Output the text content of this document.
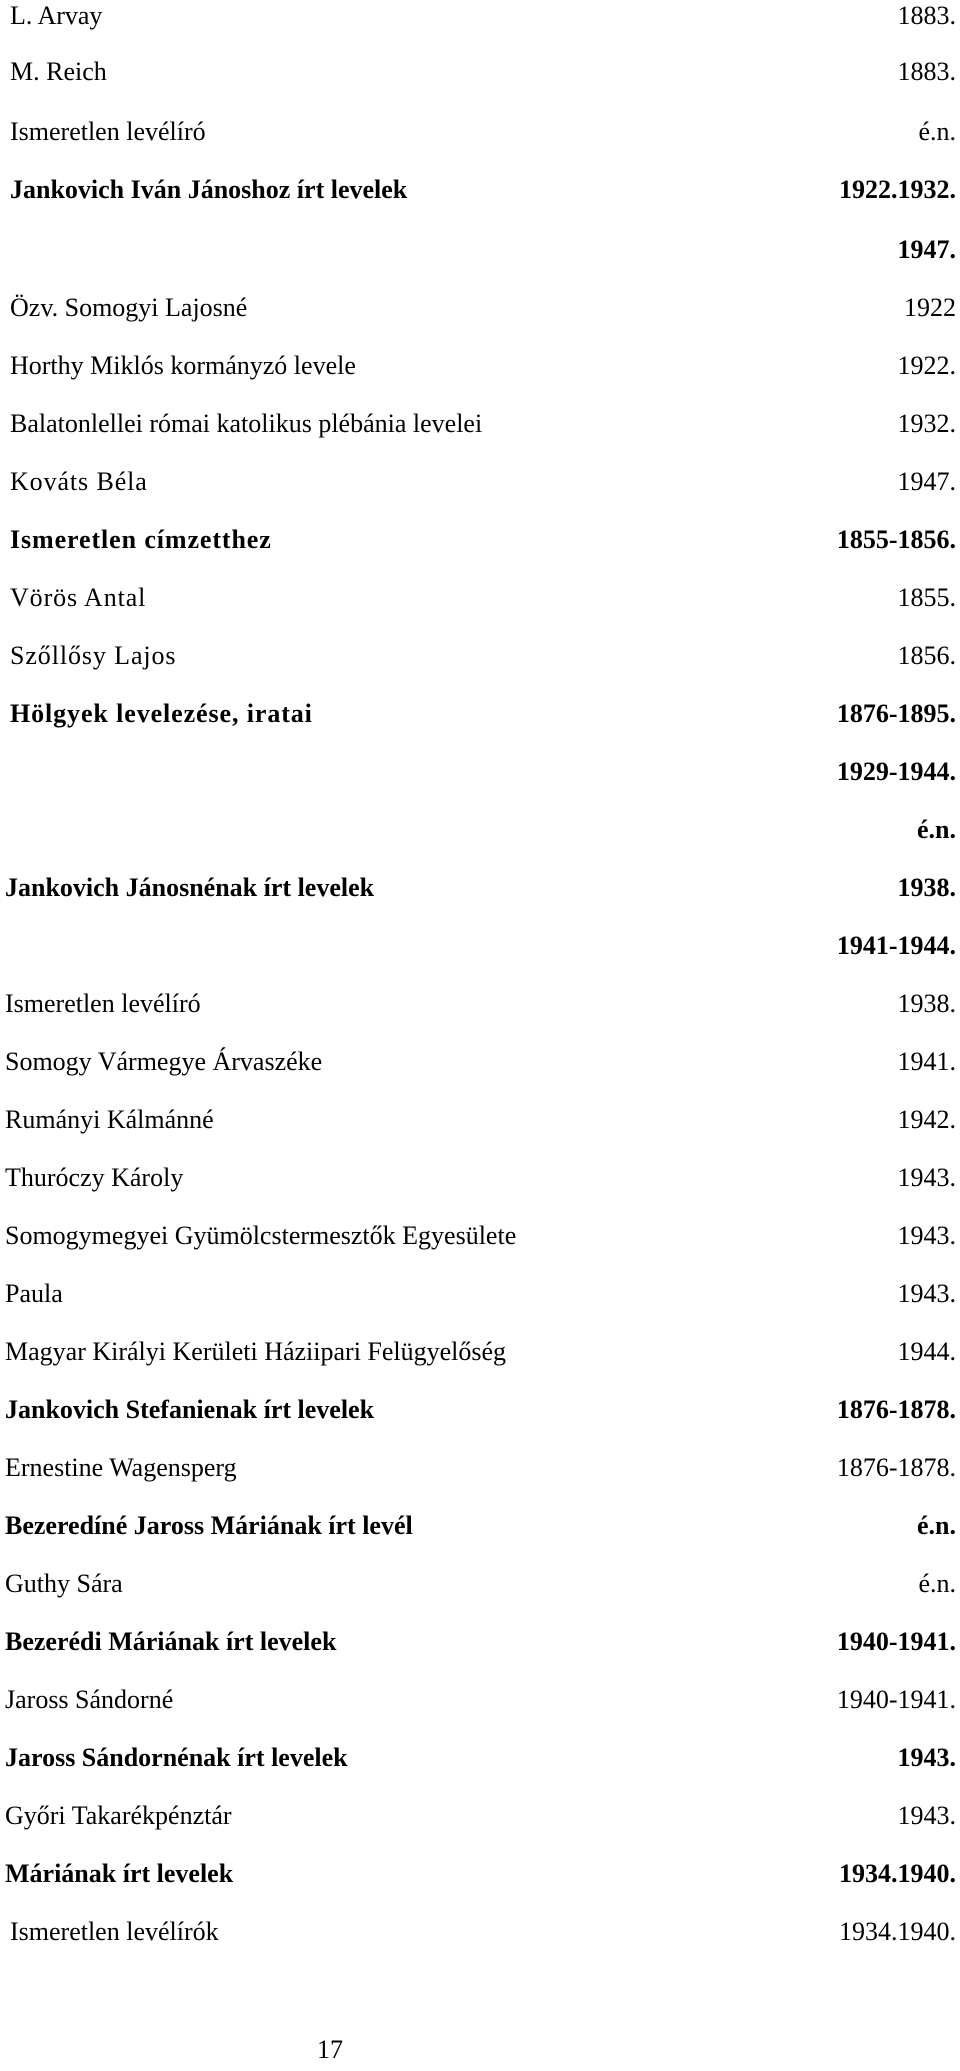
L. Arvay	1883.
M. Reich	1883.
Ismeretlen levélíró	é.n.
Jankovich Iván Jánoshoz írt levelek	1922.1932.
1947.
Özv. Somogyi Lajosné	1922
Horthy Miklós kormányzó levele	1922.
Balatonlellei római katolikus plébánia levelei	1932.
Kováts Béla	1947.
Ismeretlen címzetthez	1855-1856.
Vörös Antal	1855.
Szőllősy Lajos	1856.
Hölgyek levelezése, iratai	1876-1895.
1929-1944.
é.n.
Jankovich Jánosnénak írt levelek	1938.
1941-1944.
Ismeretlen levélíró	1938.
Somogy Vármegye Árvaszéke	1941.
Rumányi Kálmánné	1942.
Thuróczy Károly	1943.
Somogymegyei Gyümölcstermesztők Egyesülete	1943.
Paula	1943.
Magyar Királyi Kerületi Háziipari Felügyelőség	1944.
Jankovich Stefanienak írt levelek	1876-1878.
Ernestine Wagensperg	1876-1878.
Bezeredíné Jaross Máriának írt levél	é.n.
Guthy Sára	é.n.
Bezerédi Máriának írt levelek	1940-1941.
Jaross Sándorné	1940-1941.
Jaross Sándornénak írt levelek	1943.
Győri Takarékpénztár	1943.
Máriának írt levelek	1934.1940.
Ismeretlen levélírók	1934.1940.
17
